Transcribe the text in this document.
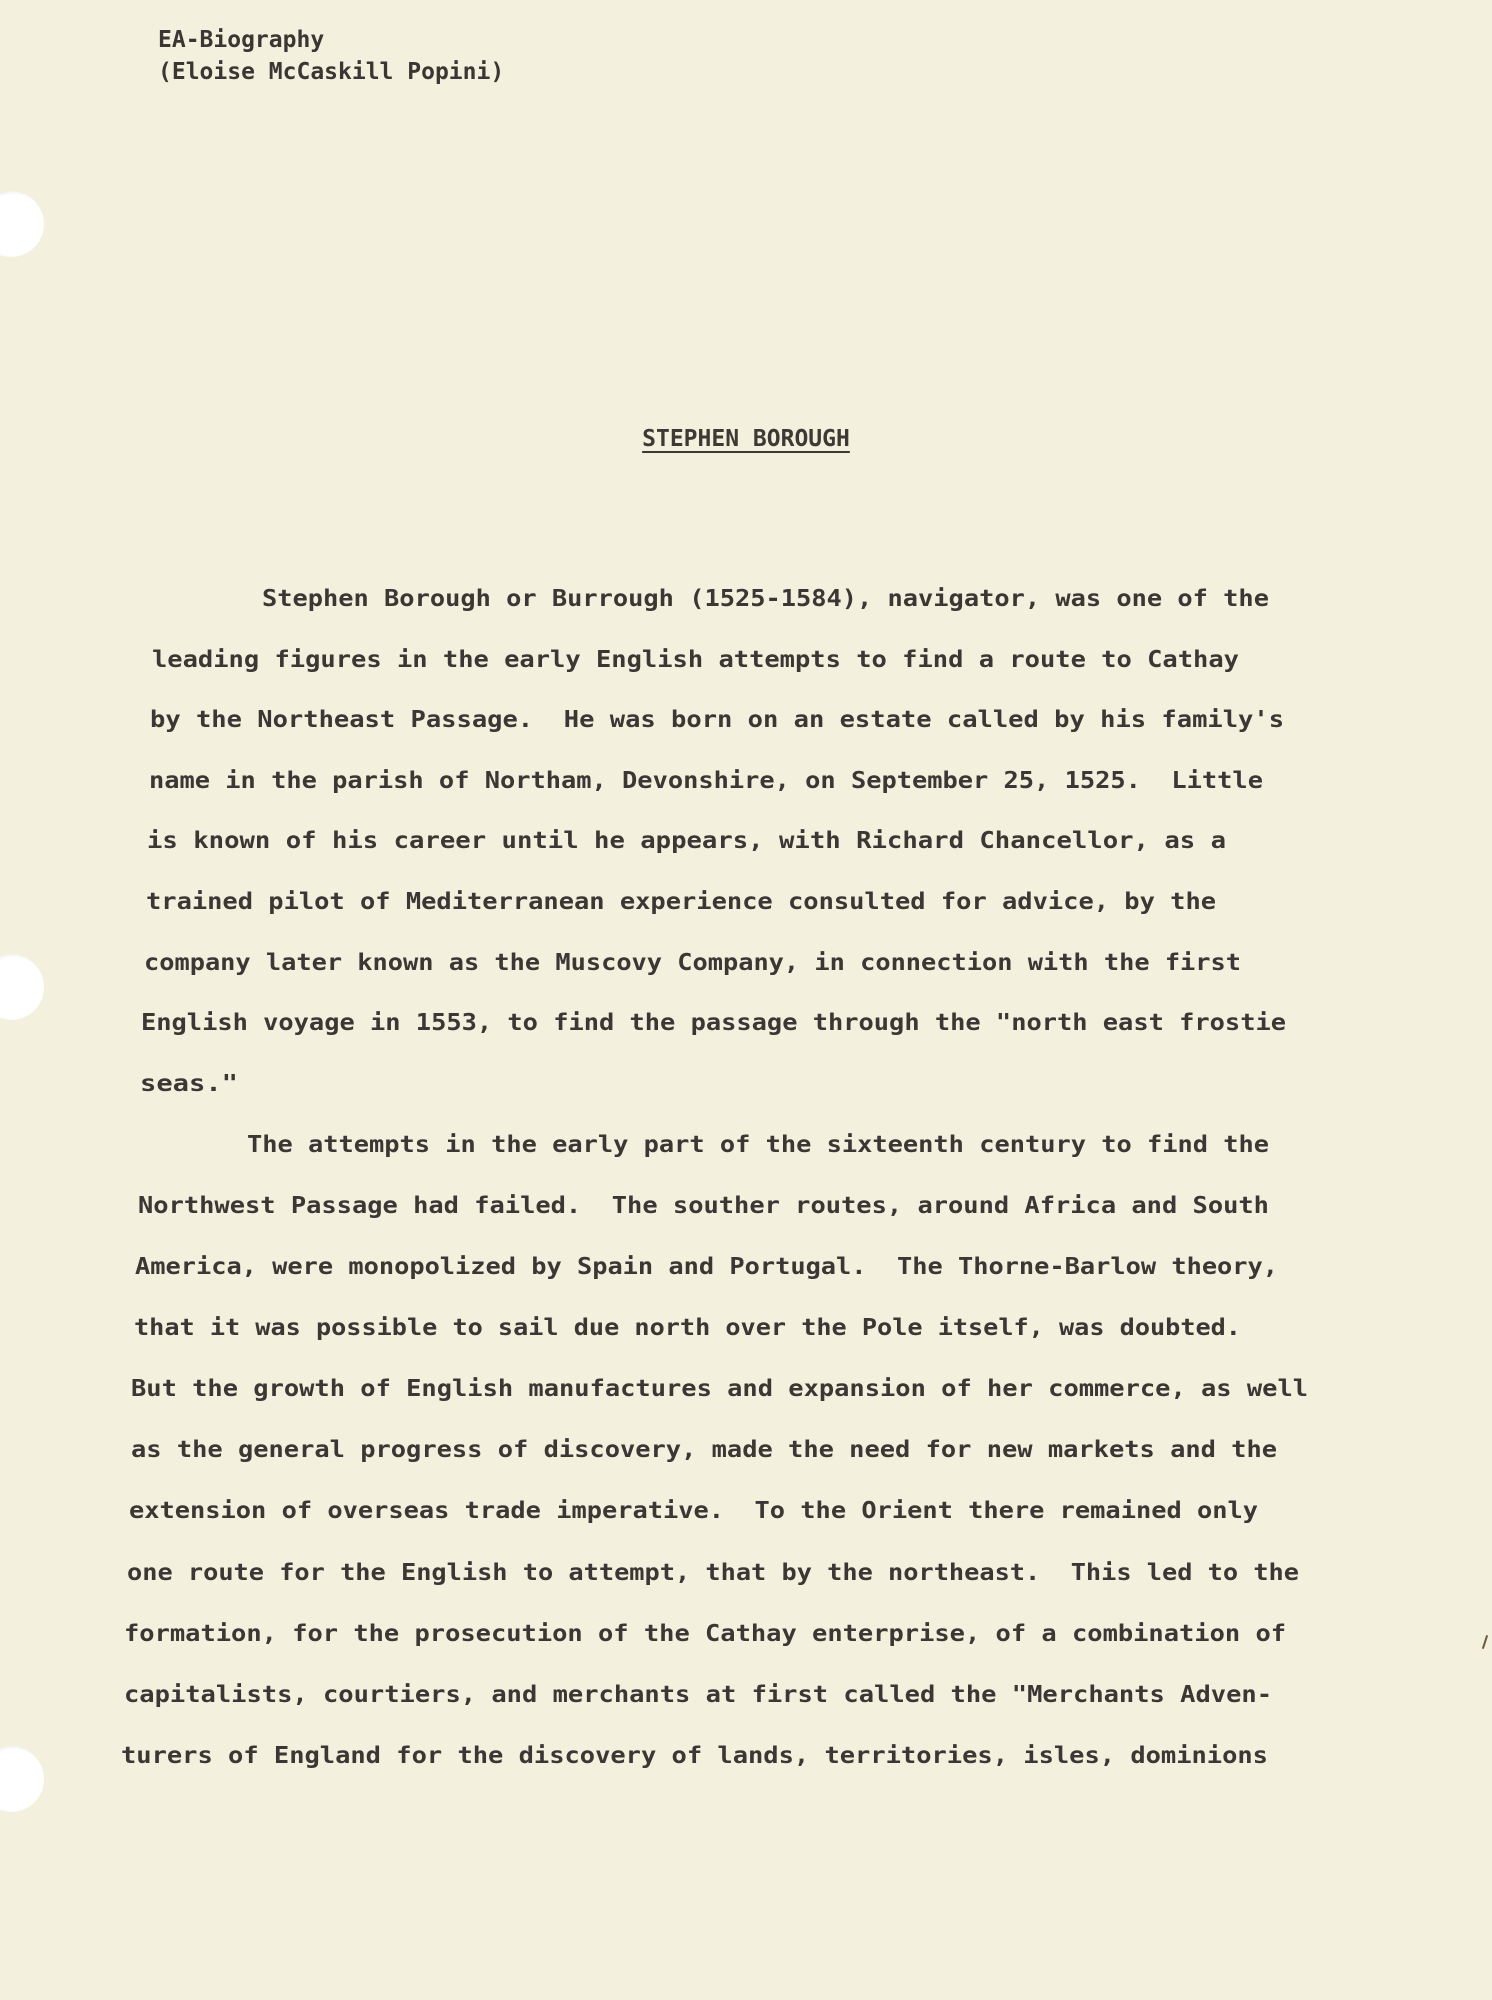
EA-Biography
(Eloise McCaskill Popini)
STEPHEN BOROUGH

Stephen Borough or Burrough (1525-1584), navigator, was one of the

leading figures in the early English attempts to find a route to Cathay

by the Northeast Passage.  He was born on an estate called by his family's

name in the parish of Northam, Devonshire, on September 25, 1525.  Little

is known of his career until he appears, with Richard Chancellor, as a

trained pilot of Mediterranean experience consulted for advice, by the

company later known as the Muscovy Company, in connection with the first

English voyage in 1553, to find the passage through the "north east frostie

seas."

The attempts in the early part of the sixteenth century to find the

Northwest Passage had failed.  The souther routes, around Africa and South

America, were monopolized by Spain and Portugal.  The Thorne-Barlow theory,

that it was possible to sail due north over the Pole itself, was doubted.

But the growth of English manufactures and expansion of her commerce, as well

as the general progress of discovery, made the need for new markets and the

extension of overseas trade imperative.  To the Orient there remained only

one route for the English to attempt, that by the northeast.  This led to the

formation, for the prosecution of the Cathay enterprise, of a combination of

capitalists, courtiers, and merchants at first called the "Merchants Adven-

turers of England for the discovery of lands, territories, isles, dominions
